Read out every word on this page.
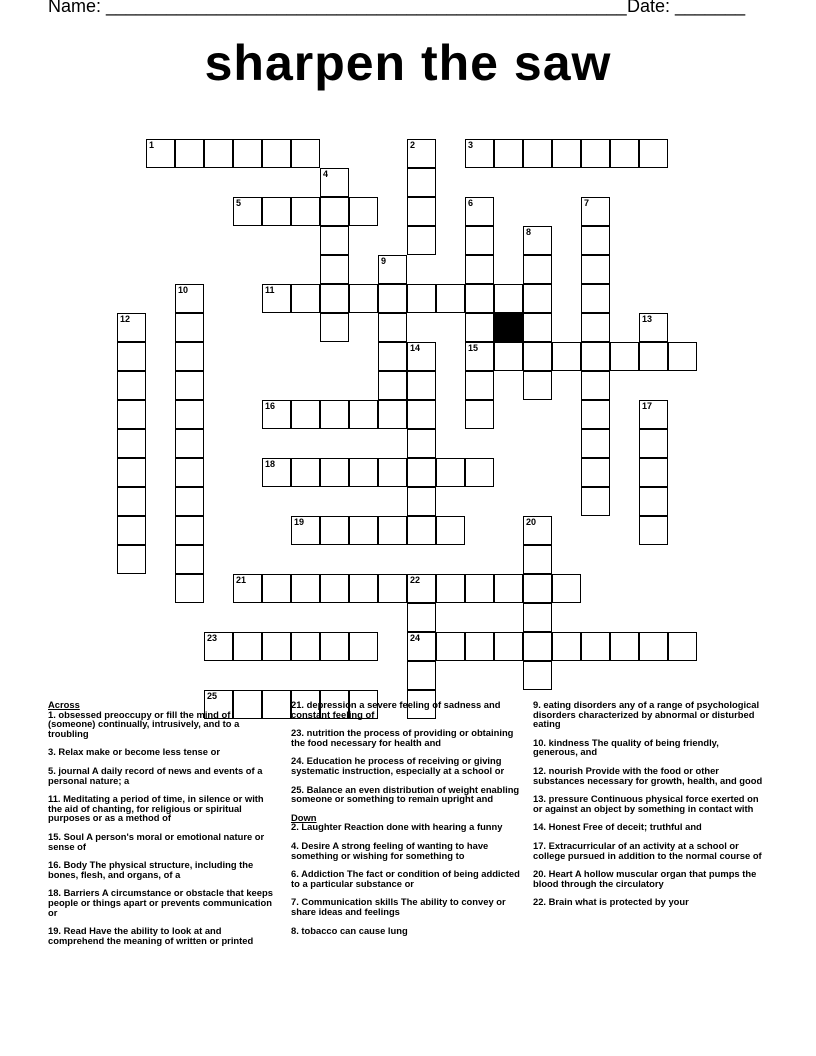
Name: ____________________________________________________ Date: _______
sharpen the saw
1	2	3
4
5	6	7
8
9
10	11
12	13
14	15
16	17
18
19	20
21	22
23	24
25
Across
1. obsessed preoccupy or fill the mind of (someone) continually, intrusively, and to a troubling
3. Relax make or become less tense or
5. journal A daily record of news and events of a personal nature; a
11. Meditating a period of time, in silence or with the aid of chanting, for religious or spiritual purposes or as a method of
15. Soul A person's moral or emotional nature or sense of
16. Body The physical structure, including the bones, flesh, and organs, of a
18. Barriers A circumstance or obstacle that keeps people or things apart or prevents communication or
19. Read Have the ability to look at and comprehend the meaning of written or printed
21. depression a severe feeling of sadness and constant feeling of
23. nutrition the process of providing or obtaining the food necessary for health and
24. Education he process of receiving or giving systematic instruction, especially at a school or
25. Balance an even distribution of weight enabling someone or something to remain upright and
Down
2. Laughter Reaction done with hearing a funny
4. Desire A strong feeling of wanting to have something or wishing for something to
6. Addiction The fact or condition of being addicted to a particular substance or
7. Communication skills The ability to convey or share ideas and feelings
8. tobacco can cause lung
9. eating disorders any of a range of psychological disorders characterized by abnormal or disturbed eating
10. kindness The quality of being friendly, generous, and
12. nourish Provide with the food or other substances necessary for growth, health, and good
13. pressure Continuous physical force exerted on or against an object by something in contact with
14. Honest Free of deceit; truthful and
17. Extracurricular of an activity at a school or college pursued in addition to the normal course of
20. Heart A hollow muscular organ that pumps the blood through the circulatory
22. Brain what is protected by your
